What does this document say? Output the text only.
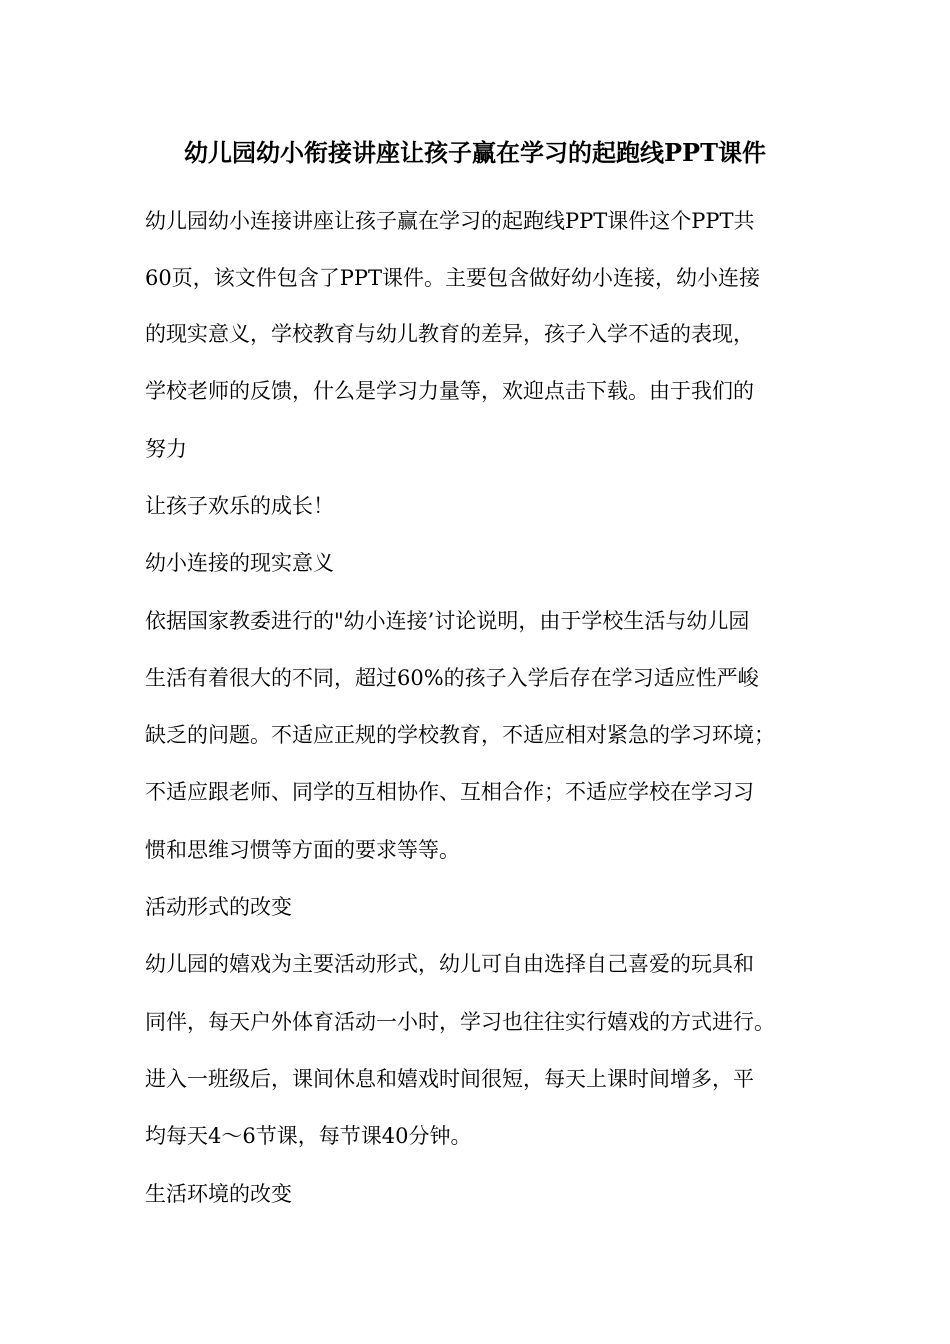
幼儿园幼小衔接讲座让孩子赢在学习的起跑线PPT课件
幼儿园幼小连接讲座让孩子赢在学习的起跑线PPT课件这个PPT共
60页，该文件包含了PPT课件。主要包含做好幼小连接，幼小连接
的现实意义，学校教育与幼儿教育的差异，孩子入学不适的表现，
学校老师的反馈，什么是学习力量等，欢迎点击下载。由于我们的
努力
让孩子欢乐的成长！
幼小连接的现实意义
依据国家教委进行的"幼小连接’讨论说明，由于学校生活与幼儿园
生活有着很大的不同，超过60%的孩子入学后存在学习适应性严峻
缺乏的问题。不适应正规的学校教育，不适应相对紧急的学习环境；
不适应跟老师、同学的互相协作、互相合作；不适应学校在学习习
惯和思维习惯等方面的要求等等。
活动形式的改变
幼儿园的嬉戏为主要活动形式，幼儿可自由选择自己喜爱的玩具和
同伴，每天户外体育活动一小时，学习也往往实行嬉戏的方式进行。
进入一班级后，课间休息和嬉戏时间很短，每天上课时间增多，平
均每天4～6节课，每节课40分钟。
生活环境的改变
